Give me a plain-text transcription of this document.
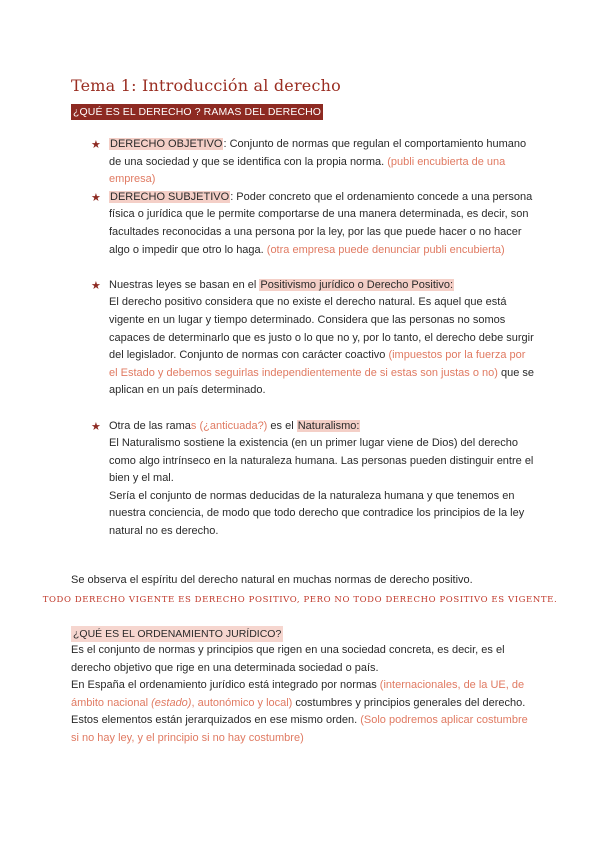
Tema 1: Introducción al derecho
¿QUÉ ES EL DERECHO ? RAMAS DEL DERECHO
★ DERECHO OBJETIVO: Conjunto de normas que regulan el comportamiento humano de una sociedad y que se identifica con la propia norma. (publi encubierta de una empresa)
★ DERECHO SUBJETIVO: Poder concreto que el ordenamiento concede a una persona física o jurídica que le permite comportarse de una manera determinada, es decir, son facultades reconocidas a una persona por la ley, por las que puede hacer o no hacer algo o impedir que otro lo haga. (otra empresa puede denunciar publi encubierta)
★ Nuestras leyes se basan en el Positivismo jurídico o Derecho Positivo:
El derecho positivo considera que no existe el derecho natural. Es aquel que está vigente en un lugar y tiempo determinado. Considera que las personas no somos capaces de determinarlo que es justo o lo que no y, por lo tanto, el derecho debe surgir del legislador. Conjunto de normas con carácter coactivo (impuestos por la fuerza por el Estado y debemos seguirlas independientemente de si estas son justas o no) que se aplican en un país determinado.
★ Otra de las ramas (¿anticuada?) es el Naturalismo:
El Naturalismo sostiene la existencia (en un primer lugar viene de Dios) del derecho como algo intrínseco en la naturaleza humana. Las personas pueden distinguir entre el bien y el mal.
Sería el conjunto de normas deducidas de la naturaleza humana y que tenemos en nuestra conciencia, de modo que todo derecho que contradice los principios de la ley natural no es derecho.
Se observa el espíritu del derecho natural en muchas normas de derecho positivo.
TODO DERECHO VIGENTE ES DERECHO POSITIVO, PERO NO TODO DERECHO POSITIVO ES VIGENTE.
¿QUÉ ES EL ORDENAMIENTO JURÍDICO?
Es el conjunto de normas y principios que rigen en una sociedad concreta, es decir, es el derecho objetivo que rige en una determinada sociedad o país.
En España el ordenamiento jurídico está integrado por normas (internacionales, de la UE, de ámbito nacional (estado), autonómico y local) costumbres y principios generales del derecho. Estos elementos están jerarquizados en ese mismo orden. (Solo podremos aplicar costumbre si no hay ley, y el principio si no hay costumbre)
